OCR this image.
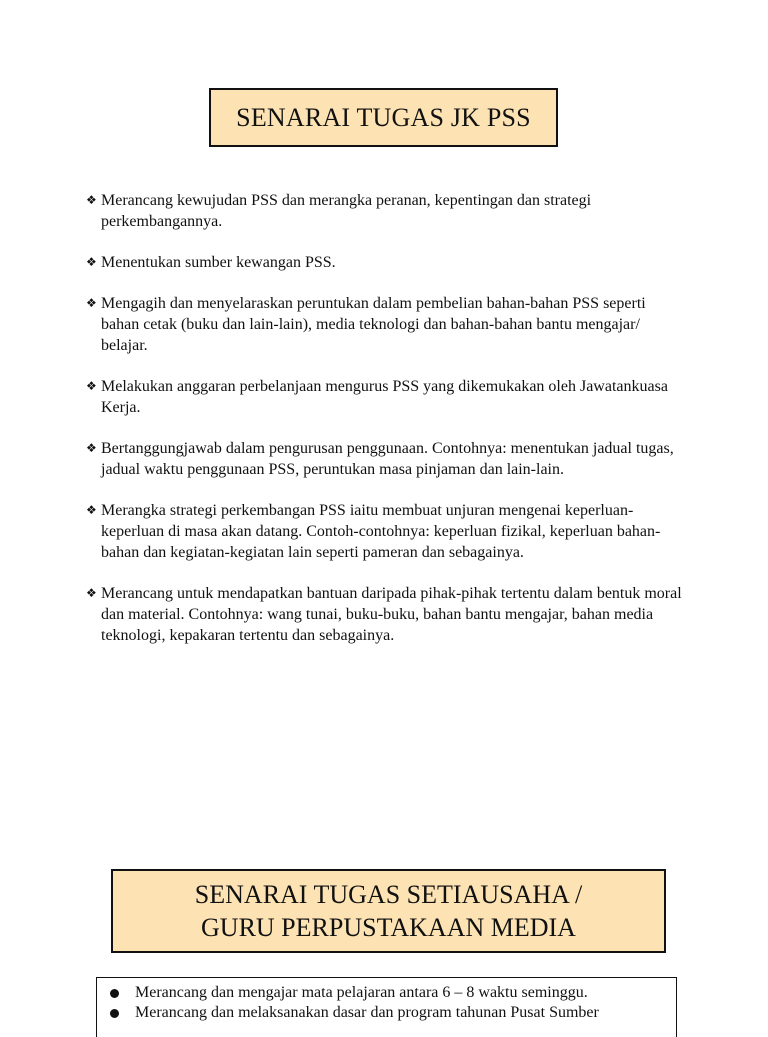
SENARAI TUGAS JK PSS
❖ Merancang kewujudan PSS dan merangka peranan, kepentingan dan strategi perkembangannya.
❖ Menentukan sumber kewangan PSS.
❖ Mengagih dan menyelaraskan peruntukan dalam pembelian bahan-bahan PSS seperti bahan cetak (buku dan lain-lain), media teknologi dan bahan-bahan bantu mengajar/ belajar.
❖ Melakukan anggaran perbelanjaan mengurus PSS yang dikemukakan oleh Jawatankuasa Kerja.
❖ Bertanggungjawab dalam pengurusan penggunaan. Contohnya: menentukan jadual tugas, jadual waktu penggunaan PSS, peruntukan masa pinjaman dan lain-lain.
❖ Merangka strategi perkembangan PSS iaitu membuat unjuran mengenai keperluan-keperluan di masa akan datang. Contoh-contohnya: keperluan fizikal, keperluan bahan-bahan dan kegiatan-kegiatan lain seperti pameran dan sebagainya.
❖ Merancang untuk mendapatkan bantuan daripada pihak-pihak tertentu dalam bentuk moral dan material. Contohnya: wang tunai, buku-buku, bahan bantu mengajar, bahan media teknologi, kepakaran tertentu dan sebagainya.
SENARAI TUGAS SETIAUSAHA /
GURU PERPUSTAKAAN MEDIA
Merancang dan mengajar mata pelajaran antara 6 – 8 waktu seminggu.
Merancang dan melaksanakan dasar dan program tahunan Pusat Sumber
